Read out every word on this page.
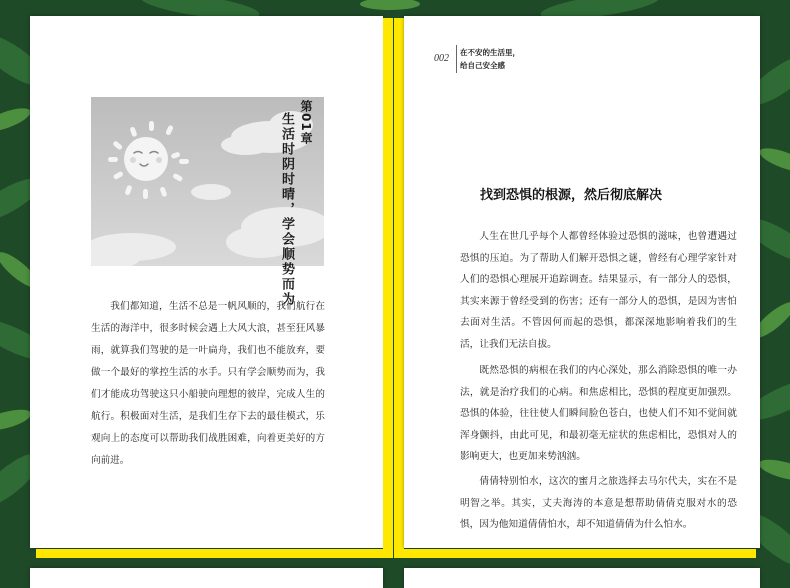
第01章
生活时阴时晴，学会顺势而为

我们都知道，生活不总是一帆风顺的，我们航行在生活的海洋中，很多时候会遇上大风大浪，甚至狂风暴雨，就算我们驾驶的是一叶扁舟，我们也不能放弃，要做一个最好的掌控生活的水手。只有学会顺势而为，我们才能成功驾驶这只小船驶向理想的彼岸，完成人生的航行。积极面对生活，是我们生存下去的最佳模式，乐观向上的态度可以帮助我们战胜困难，向着更美好的方向前进。

002
在不安的生活里，
给自己安全感
找到恐惧的根源，然后彻底解决

人生在世几乎每个人都曾经体验过恐惧的滋味，也曾遭遇过恐惧的压迫。为了帮助人们解开恐惧之谜，曾经有心理学家针对人们的恐惧心理展开追踪调查。结果显示，有一部分人的恐惧，其实来源于曾经受到的伤害；还有一部分人的恐惧，是因为害怕去面对生活。不管因何而起的恐惧，都深深地影响着我们的生活，让我们无法自拔。

既然恐惧的病根在我们的内心深处，那么消除恐惧的唯一办法，就是治疗我们的心病。和焦虑相比，恐惧的程度更加强烈。恐惧的体验，往往使人们瞬间脸色苍白，也使人们不知不觉间就浑身颤抖，由此可见，和最初毫无症状的焦虑相比，恐惧对人的影响更大，也更加来势汹汹。

倩倩特别怕水，这次的蜜月之旅选择去马尔代夫，实在不是明智之举。其实，丈夫海涛的本意是想帮助倩倩克服对水的恐惧，因为他知道倩倩怕水，却不知道倩倩为什么怕水。
